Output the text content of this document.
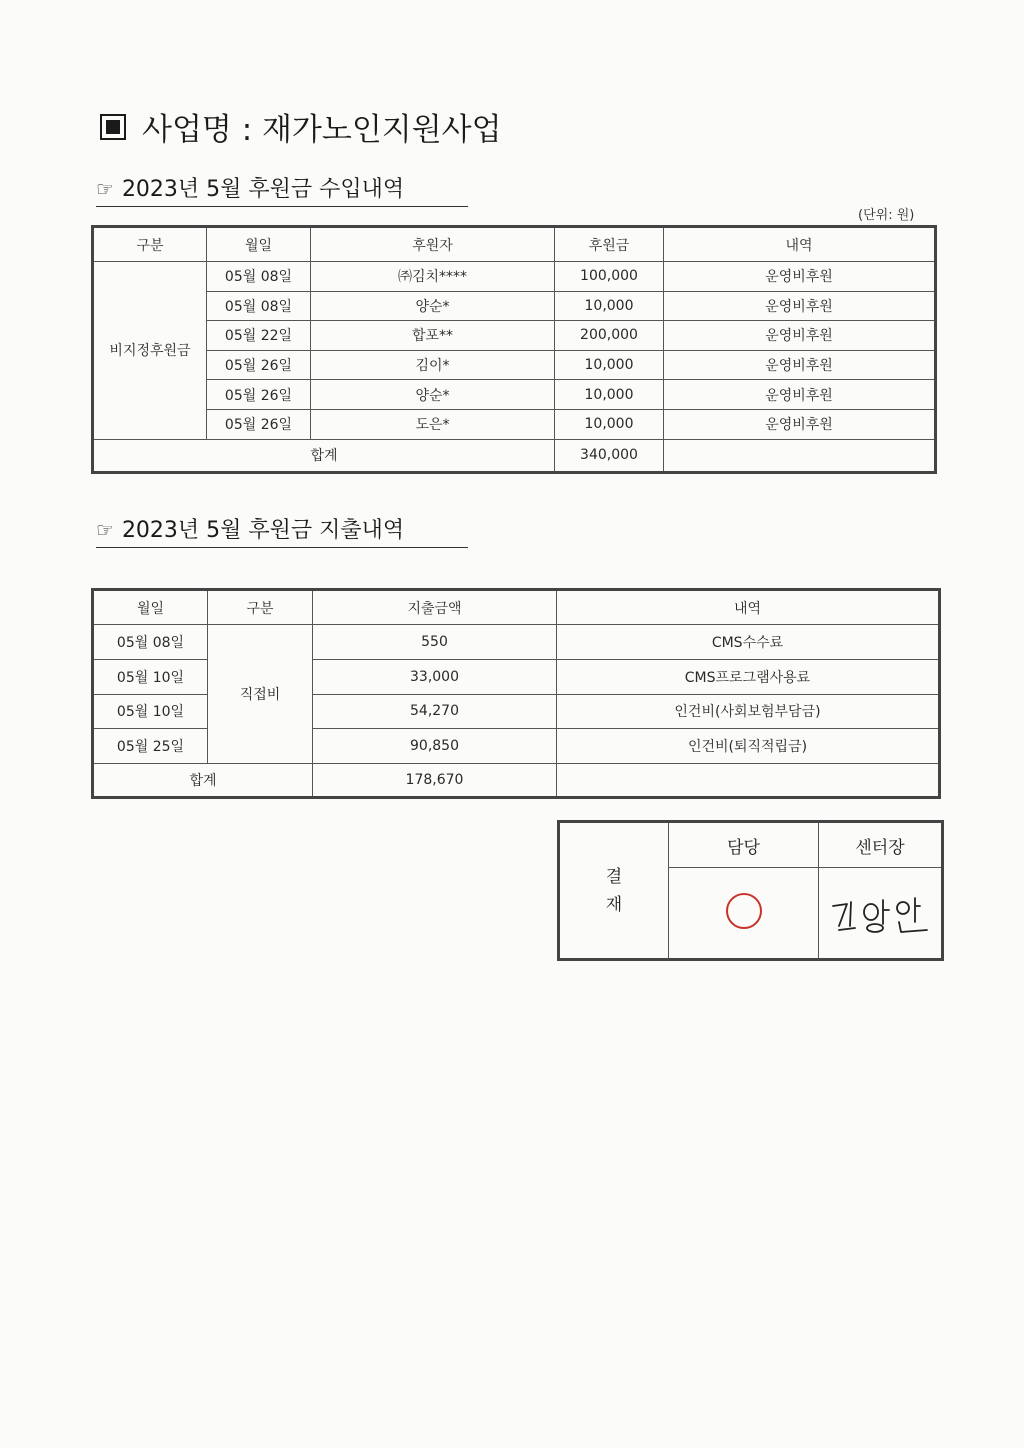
사업명 : 재가노인지원사업
☞ 2023년 5월 후원금 수입내역
(단위: 원)
구분	월일	후원자	후원금	내역
비지정후원금	05월 08일	㈜김치****	100,000	운영비후원
	05월 08일	양순*	10,000	운영비후원
	05월 22일	합포**	200,000	운영비후원
	05월 26일	김이*	10,000	운영비후원
	05월 26일	양순*	10,000	운영비후원
	05월 26일	도은*	10,000	운영비후원
합계			340,000	
☞ 2023년 5월 후원금 지출내역
월일	구분	지출금액	내역
05월 08일	직접비	550	CMS수수료
05월 10일		33,000	CMS프로그램사용료
05월 10일		54,270	인건비(사회보험부담금)
05월 25일		90,850	인건비(퇴직적립금)
합계		178,670	
결
재	담당	센터장
